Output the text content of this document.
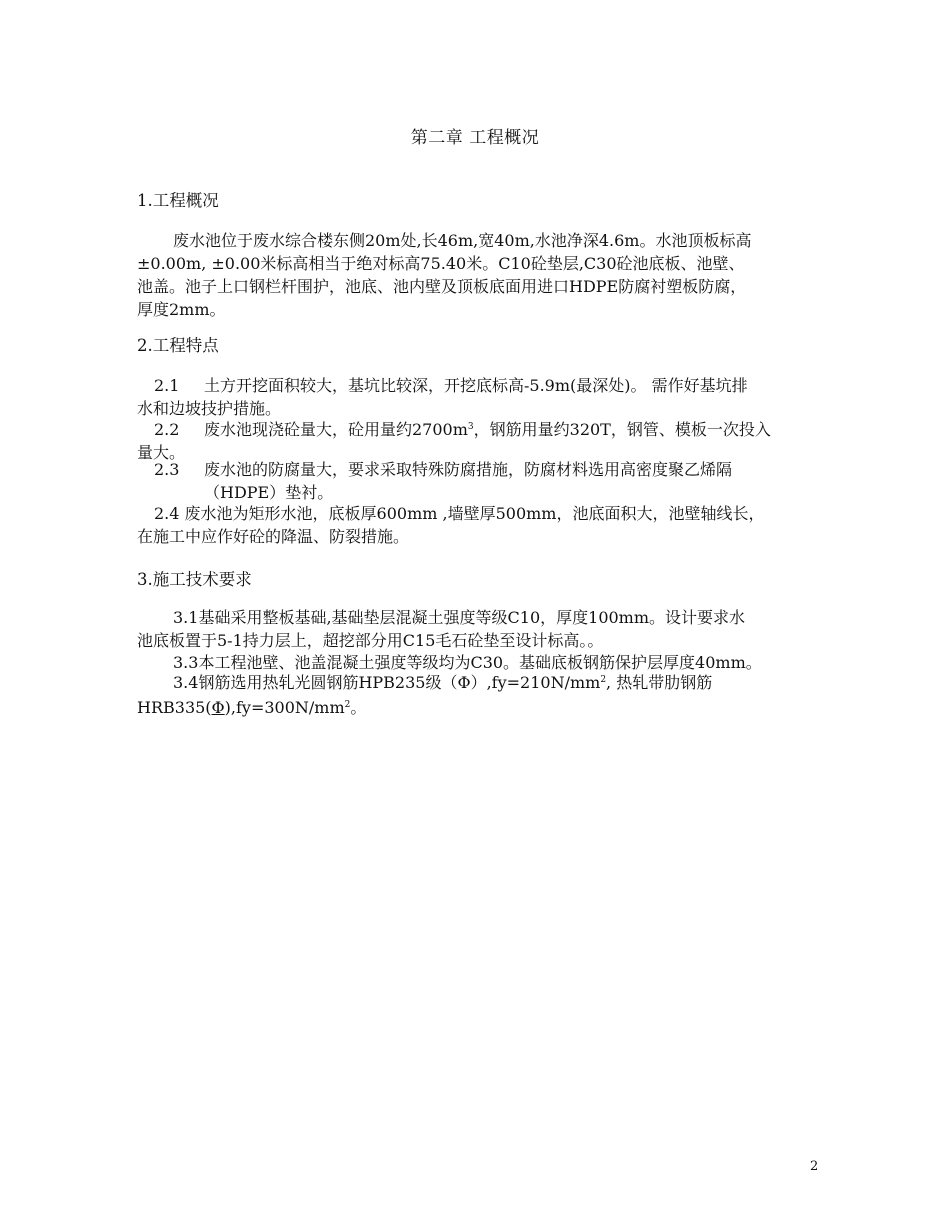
第二章 工程概况
1.工程概况
废水池位于废水综合楼东侧20m处,长46m,宽40m,水池净深4.6m。水池顶板标高
±0.00m, ±0.00米标高相当于绝对标高75.40米。C10砼垫层,C30砼池底板、池壁、
池盖。池子上口钢栏杆围护，池底、池内壁及顶板底面用进口HDPE防腐衬塑板防腐，
厚度2mm。
2.工程特点
2.1 土方开挖面积较大，基坑比较深，开挖底标高-5.9m(最深处)。 需作好基坑排
水和边坡技护措施。
2.2 废水池现浇砼量大，砼用量约$2700m^3$，钢筋用量约320T，钢管、模板一次投入
量大。
2.3 废水池的防腐量大，要求采取特殊防腐措施，防腐材料选用高密度聚乙烯隔
（HDPE）垫衬。
2.4 废水池为矩形水池，底板厚600mm ,墙壁厚500mm，池底面积大，池壁轴线长，
在施工中应作好砼的降温、防裂措施。
3.施工技术要求
3.1基础采用整板基础,基础垫层混凝土强度等级C10，厚度100mm。设计要求水
池底板置于5-1持力层上，超挖部分用C15毛石砼垫至设计标高。。
3.3本工程池壁、池盖混凝土强度等级均为C30。基础底板钢筋保护层厚度40mm。
3.4钢筋选用热轧光圆钢筋HPB235级$(\Phi),fy=210N/mm^2$, 热轧带肋钢筋
$HRB335(\Phi),fy=300N/mm^2$。
2
